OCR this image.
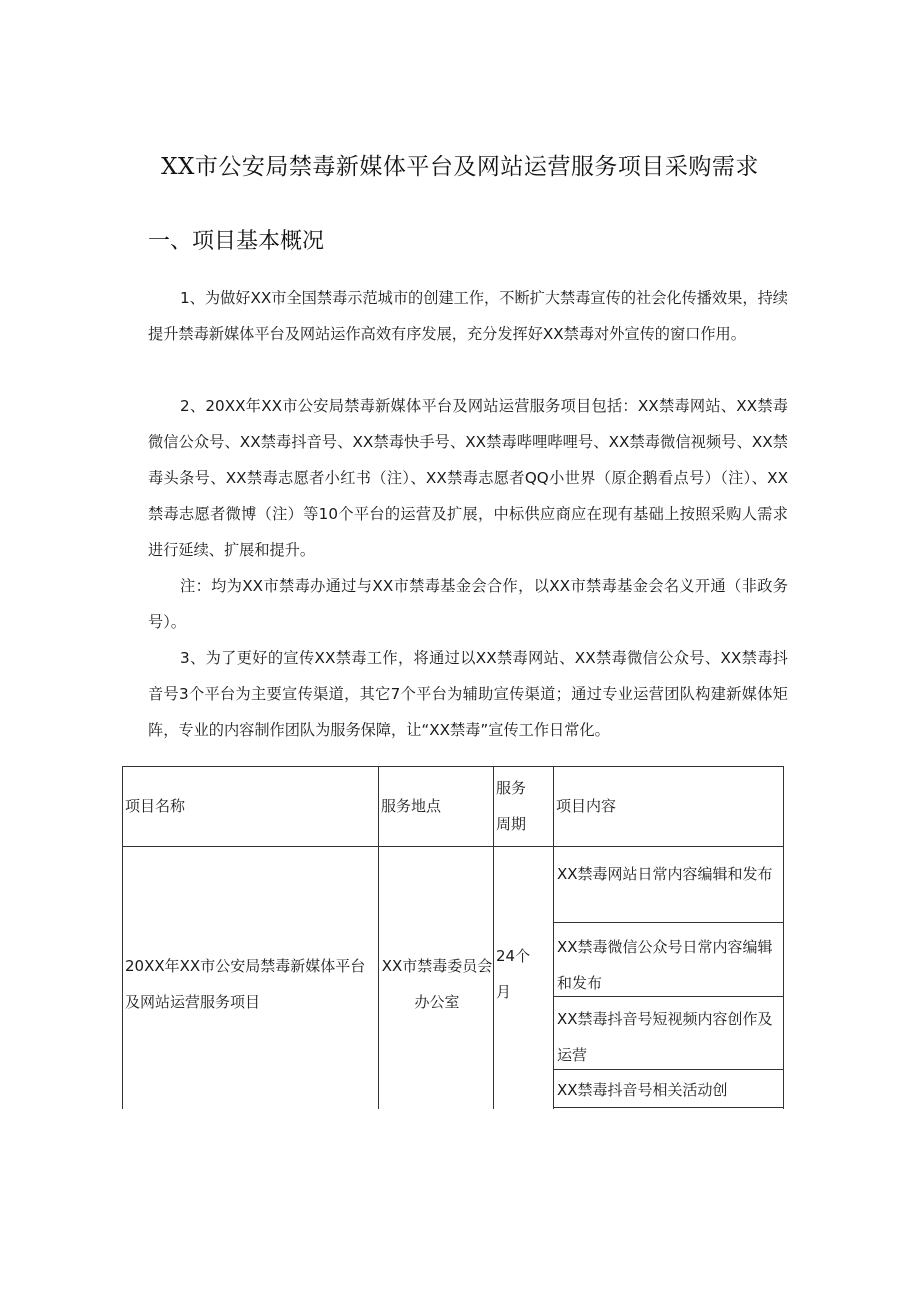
XX市公安局禁毒新媒体平台及网站运营服务项目采购需求
一、项目基本概况

1、为做好XX市全国禁毒示范城市的创建工作，不断扩大禁毒宣传的社会化传播效果，持续提升禁毒新媒体平台及网站运作高效有序发展，充分发挥好XX禁毒对外宣传的窗口作用。

2、20XX年XX市公安局禁毒新媒体平台及网站运营服务项目包括：XX禁毒网站、XX禁毒微信公众号、XX禁毒抖音号、XX禁毒快手号、XX禁毒哔哩哔哩号、XX禁毒微信视频号、XX禁毒头条号、XX禁毒志愿者小红书（注）、XX禁毒志愿者QQ小世界（原企鹅看点号）（注）、XX禁毒志愿者微博（注）等10个平台的运营及扩展，中标供应商应在现有基础上按照采购人需求进行延续、扩展和提升。

注：均为XX市禁毒办通过与XX市禁毒基金会合作，以XX市禁毒基金会名义开通（非政务号）。

3、为了更好的宣传XX禁毒工作，将通过以XX禁毒网站、XX禁毒微信公众号、XX禁毒抖音号3个平台为主要宣传渠道，其它7个平台为辅助宣传渠道；通过专业运营团队构建新媒体矩阵，专业的内容制作团队为服务保障，让“XX禁毒”宣传工作日常化。

项目名称	服务地点
服务周期
项目内容
20XX年XX市公安局禁毒新媒体平台及网站运营服务项目
XX市禁毒委员会办公室
24个月
XX禁毒网站日常内容编辑和发布
XX禁毒微信公众号日常内容编辑和发布
XX禁毒抖音号短视频内容创作及运营
XX禁毒抖音号相关活动创
